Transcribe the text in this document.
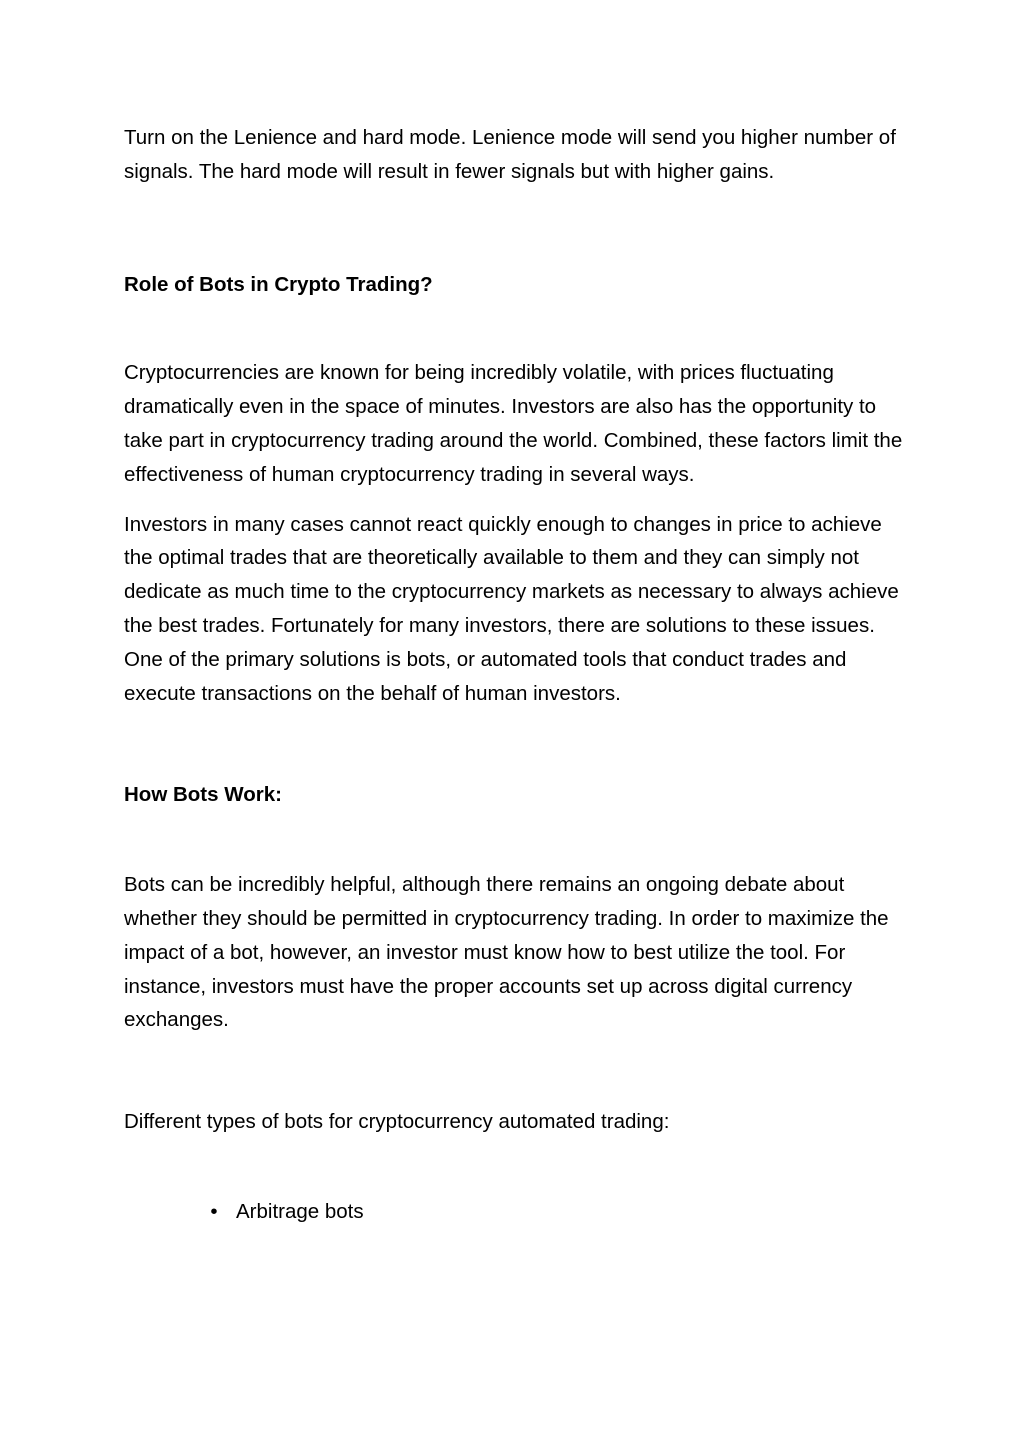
Turn on the Lenience and hard mode. Lenience mode will send you higher number of signals. The hard mode will result in fewer signals but with higher gains.

Role of Bots in Crypto Trading?

Cryptocurrencies are known for being incredibly volatile, with prices fluctuating dramatically even in the space of minutes. Investors are also has the opportunity to take part in cryptocurrency trading around the world. Combined, these factors limit the effectiveness of human cryptocurrency trading in several ways.

Investors in many cases cannot react quickly enough to changes in price to achieve the optimal trades that are theoretically available to them and they can simply not dedicate as much time to the cryptocurrency markets as necessary to always achieve the best trades. Fortunately for many investors, there are solutions to these issues. One of the primary solutions is bots, or automated tools that conduct trades and execute transactions on the behalf of human investors.

How Bots Work:

Bots can be incredibly helpful, although there remains an ongoing debate about whether they should be permitted in cryptocurrency trading. In order to maximize the impact of a bot, however, an investor must know how to best utilize the tool. For instance, investors must have the proper accounts set up across digital currency exchanges.

Different types of bots for cryptocurrency automated trading:

• Arbitrage bots
